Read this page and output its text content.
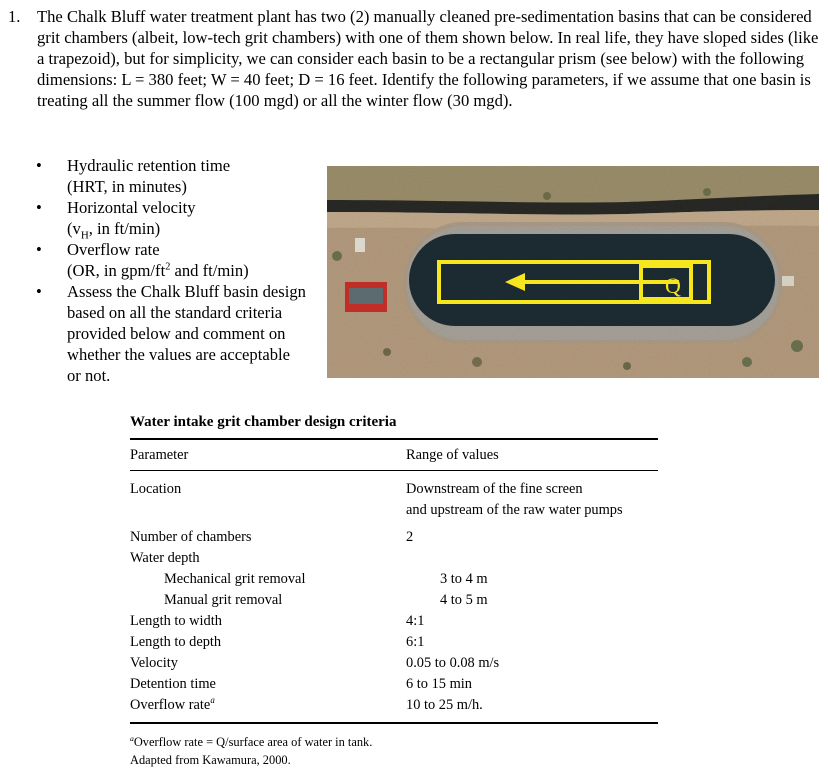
1. The Chalk Bluff water treatment plant has two (2) manually cleaned pre-sedimentation basins that can be considered grit chambers (albeit, low-tech grit chambers) with one of them shown below. In real life, they have sloped sides (like a trapezoid), but for simplicity, we can consider each basin to be a rectangular prism (see below) with the following dimensions: L = 380 feet; W = 40 feet; D = 16 feet. Identify the following parameters, if we assume that one basin is treating all the summer flow (100 mgd) or all the winter flow (30 mgd).
• Hydraulic retention time
(HRT, in minutes)
• Horizontal velocity
($v_H$, in ft/min)
• Overflow rate
(OR, in gpm/$ft^2$ and ft/min)
• Assess the Chalk Bluff basin design based on all the standard criteria provided below and comment on whether the values are acceptable or not.
Q
Water intake grit chamber design criteria
Parameter	Range of values
Location	Downstream of the fine screen
and upstream of the raw water pumps
Number of chambers	2
Water depth
Mechanical grit removal	3 to 4 m
Manual grit removal	4 to 5 m
Length to width	4:1
Length to depth	6:1
Velocity	0.05 to 0.08 m/s
Detention time	6 to 15 min
Overflow rate$^a$	10 to 25 m/h.
$^a$Overflow rate = Q/surface area of water in tank.
Adapted from Kawamura, 2000.
